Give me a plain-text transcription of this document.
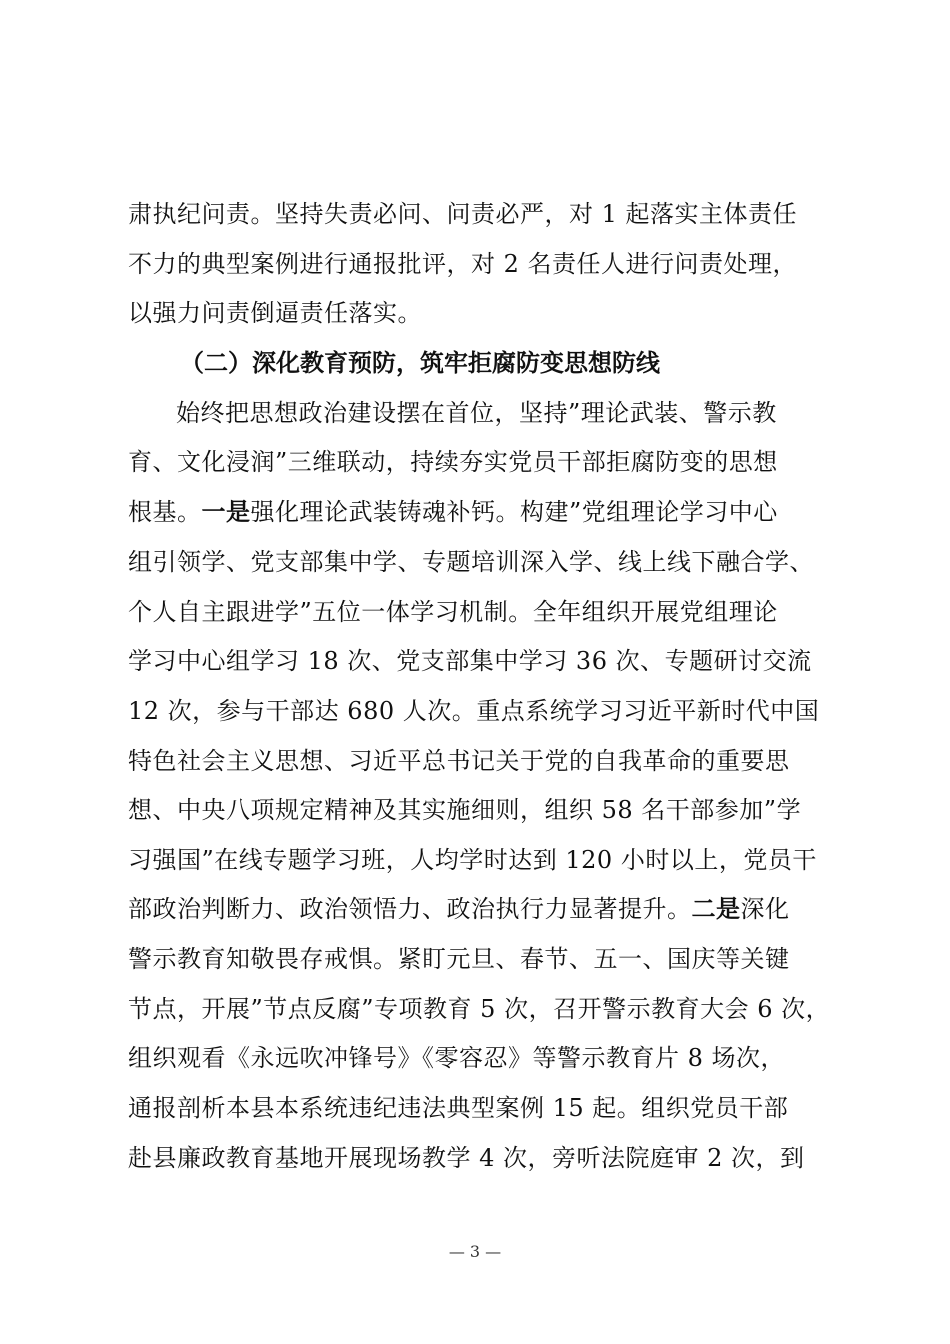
肃执纪问责。坚持失责必问、问责必严，对 1 起落实主体责任
不力的典型案例进行通报批评，对 2 名责任人进行问责处理，
以强力问责倒逼责任落实。
（二）深化教育预防，筑牢拒腐防变思想防线
始终把思想政治建设摆在首位，坚持”理论武装、警示教
育、文化浸润”三维联动，持续夯实党员干部拒腐防变的思想
根基。一是强化理论武装铸魂补钙。构建”党组理论学习中心
组引领学、党支部集中学、专题培训深入学、线上线下融合学、
个人自主跟进学”五位一体学习机制。全年组织开展党组理论
学习中心组学习 18 次、党支部集中学习 36 次、专题研讨交流
12 次，参与干部达 680 人次。重点系统学习习近平新时代中国
特色社会主义思想、习近平总书记关于党的自我革命的重要思
想、中央八项规定精神及其实施细则，组织 58 名干部参加”学
习强国”在线专题学习班，人均学时达到 120 小时以上，党员干
部政治判断力、政治领悟力、政治执行力显著提升。二是深化
警示教育知敬畏存戒惧。紧盯元旦、春节、五一、国庆等关键
节点，开展”节点反腐”专项教育 5 次，召开警示教育大会 6 次，
组织观看《永远吹冲锋号》《零容忍》等警示教育片 8 场次，
通报剖析本县本系统违纪违法典型案例 15 起。组织党员干部
赴县廉政教育基地开展现场教学 4 次，旁听法院庭审 2 次，到
— 3 —
